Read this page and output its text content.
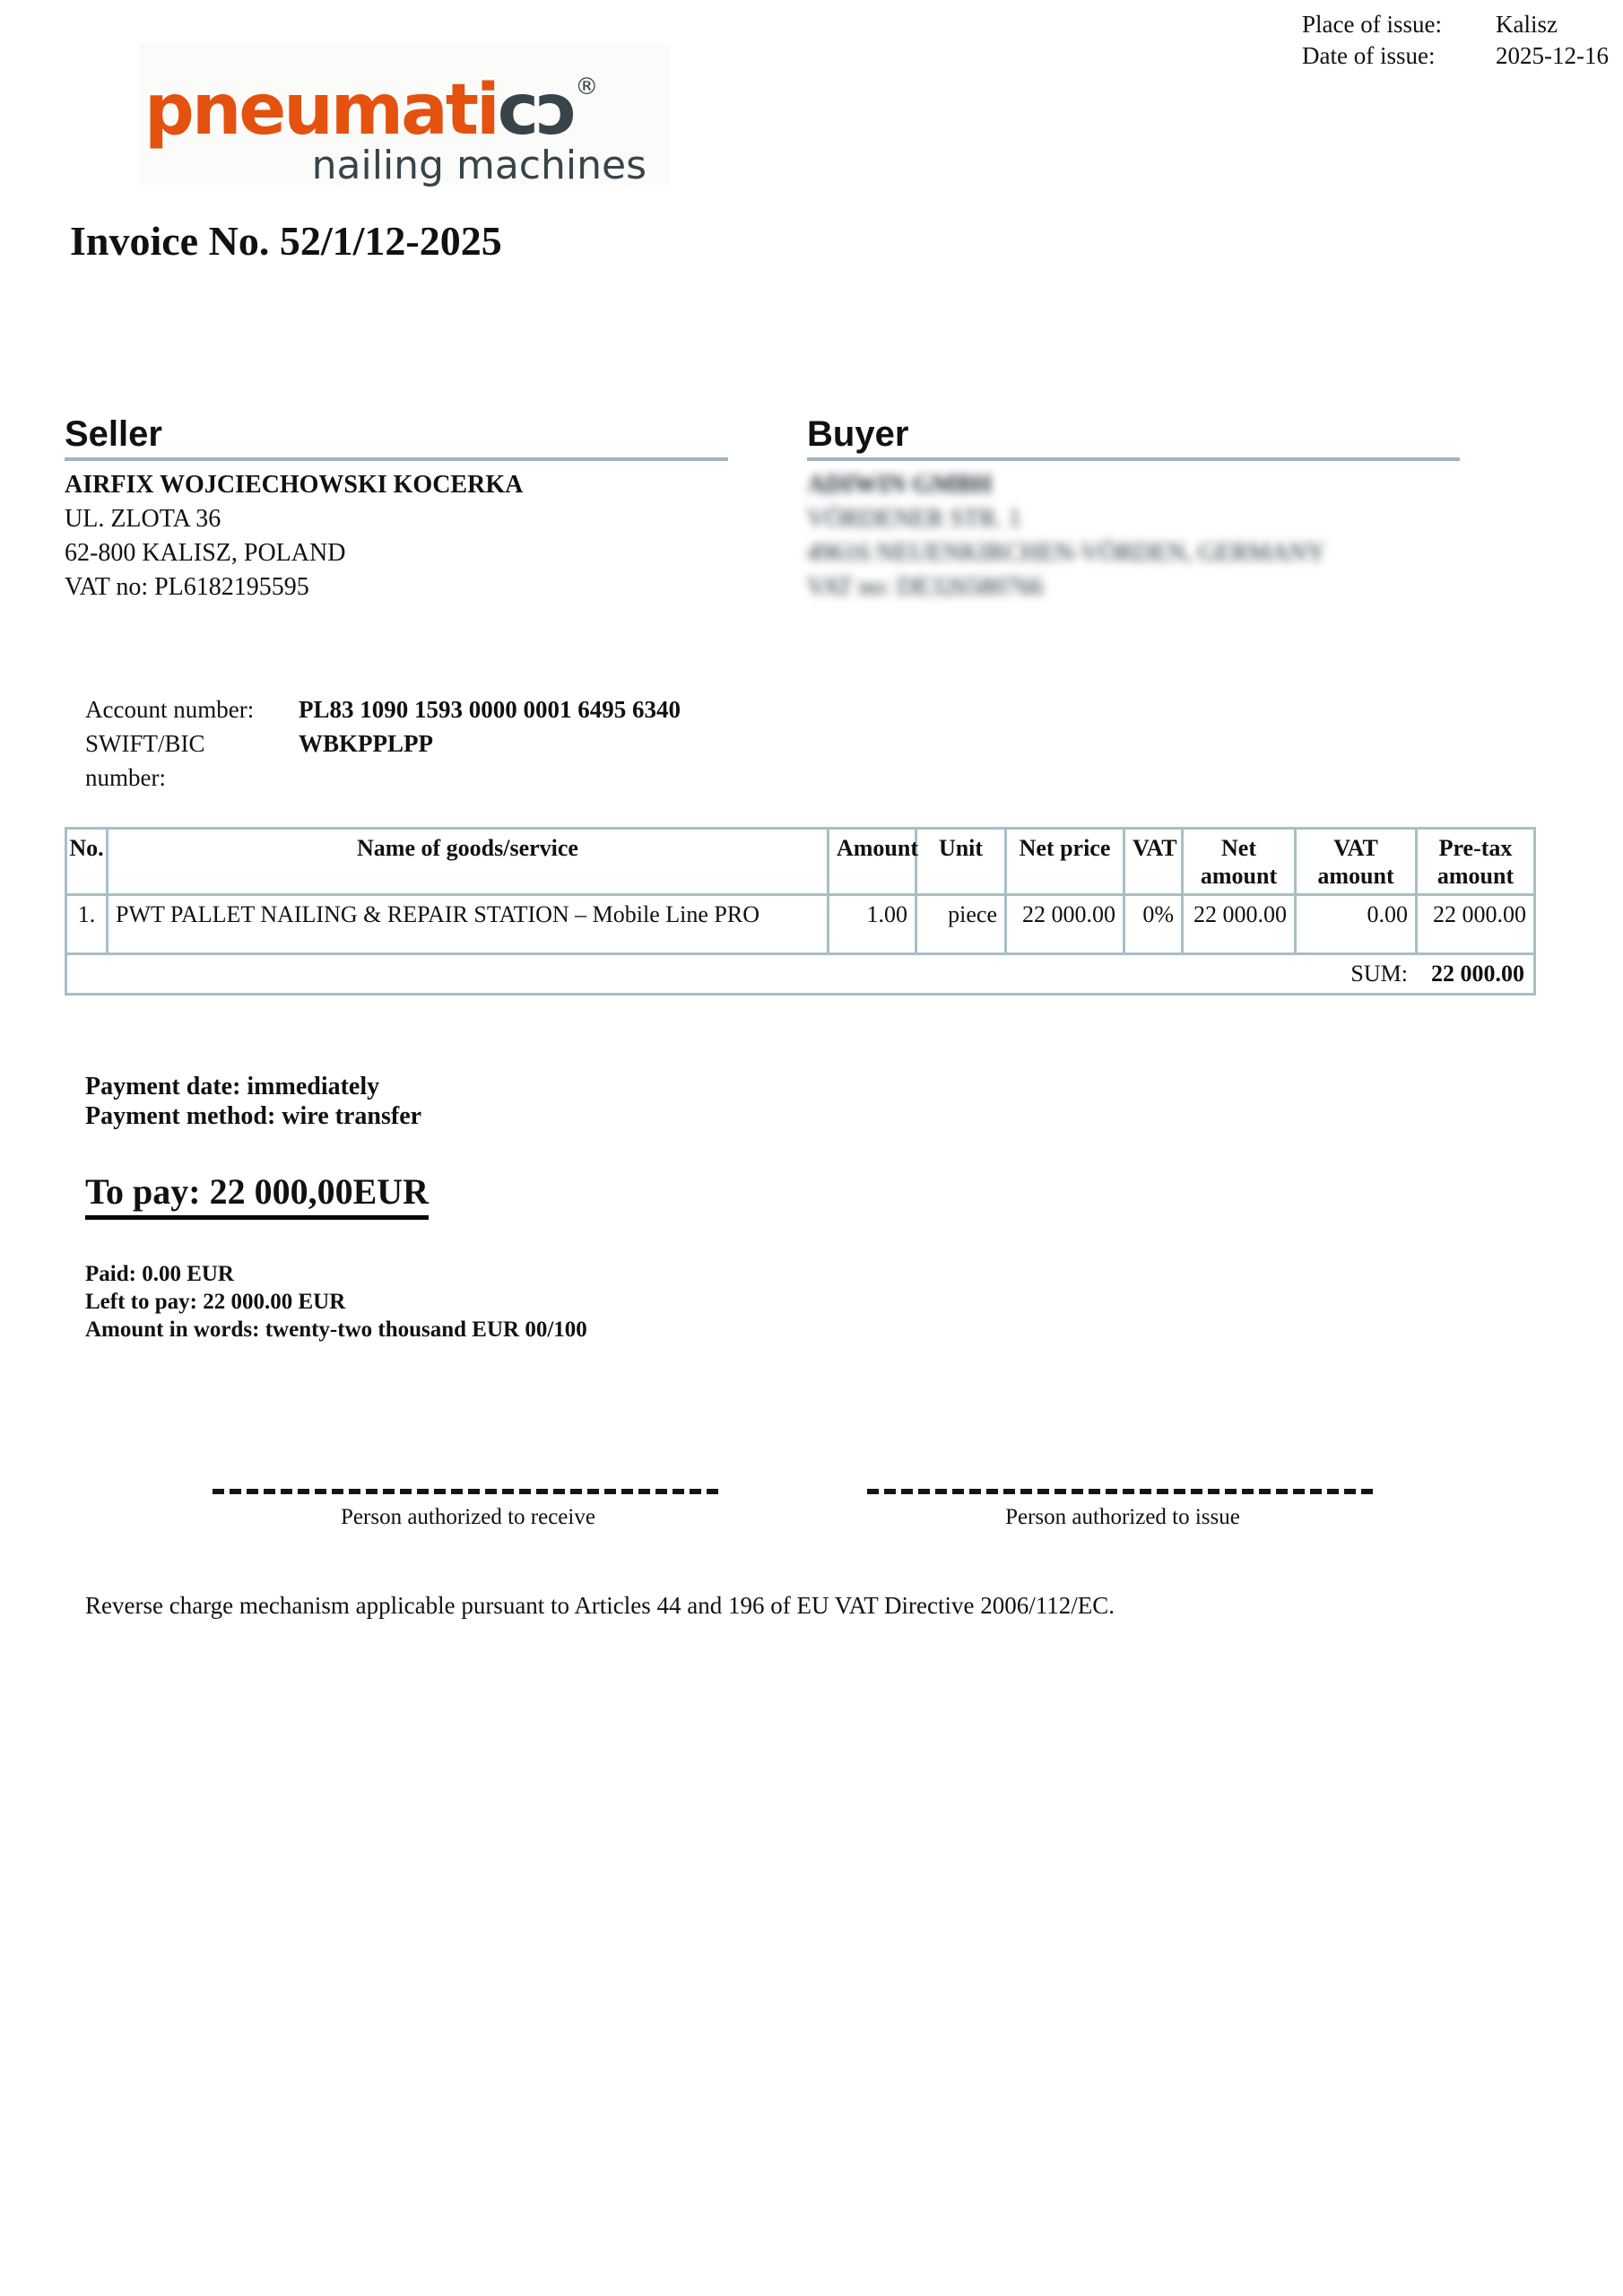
Place of issue:	Kalisz
Date of issue:	2025-12-16
pneumaticɔ®
nailing machines
Invoice No. 52/1/12-2025
Seller
AIRFIX WOJCIECHOWSKI KOCERKA
UL. ZLOTA 36
62-800 KALISZ, POLAND
VAT no: PL6182195595
Buyer
ADIWIN GMBH
VÖRDENER STR. 1
49616 NEUENKIRCHEN-VÖRDEN, GERMANY
VAT no: DE326580766
Account number:	PL83 1090 1593 0000 0001 6495 6340
SWIFT/BIC number:
WBKPPLPP
No.	Name of goods/service	Amount	Unit	Net price	VAT	Net amount	VAT amount	Pre-tax amount
1.	PWT PALLET NAILING & REPAIR STATION – Mobile Line PRO	1.00	piece	22 000.00	0%	22 000.00	0.00	22 000.00
SUM: 22 000.00								
Payment date: immediately
Payment method: wire transfer
To pay: 22 000,00EUR
Paid: 0.00 EUR
Left to pay: 22 000.00 EUR
Amount in words: twenty-two thousand EUR 00/100
Person authorized to receive	Person authorized to issue
Reverse charge mechanism applicable pursuant to Articles 44 and 196 of EU VAT Directive 2006/112/EC.
